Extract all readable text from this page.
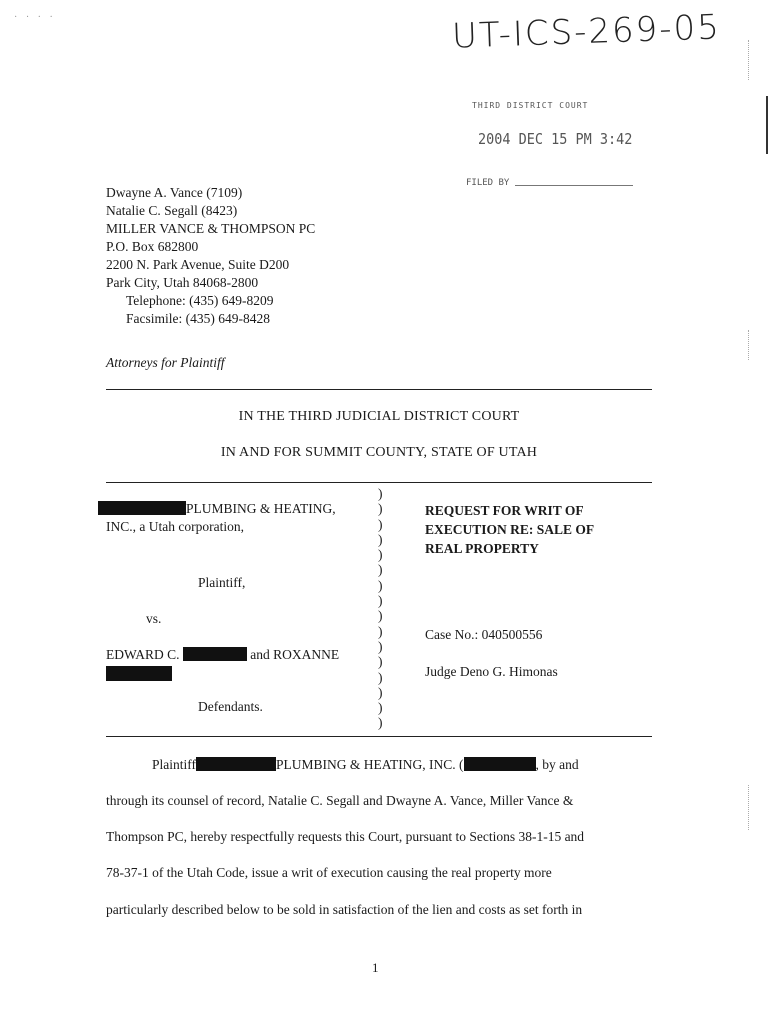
· · · ·	UT-ICS-269-05
THIRD DISTRICT COURT
2004 DEC 15 PM 3:42
FILED BY
Dwayne A. Vance (7109)
Natalie C. Segall (8423)
MILLER VANCE & THOMPSON PC
P.O. Box 682800
2200 N. Park Avenue, Suite D200
Park City, Utah 84068-2800
Telephone: (435) 649-8209
Facsimile: (435) 649-8428
Attorneys for Plaintiff
IN THE THIRD JUDICIAL DISTRICT COURT
IN AND FOR SUMMIT COUNTY, STATE OF UTAH
PLUMBING & HEATING,
INC., a Utah corporation,
Plaintiff,
vs.
EDWARD C.	and ROXANNE
Defendants.
)
)
)
)
)
)
)
)
)
)
)
)
)
)
)
)
REQUEST FOR WRIT OF
EXECUTION RE: SALE OF
REAL PROPERTY
Case No.: 040500556
Judge Deno G. Himonas
Plaintiff	PLUMBING & HEATING, INC. (	, by and
through its counsel of record, Natalie C. Segall and Dwayne A. Vance, Miller Vance &
Thompson PC, hereby respectfully requests this Court, pursuant to Sections 38-1-15 and
78-37-1 of the Utah Code, issue a writ of execution causing the real property more
particularly described below to be sold in satisfaction of the lien and costs as set forth in
1
